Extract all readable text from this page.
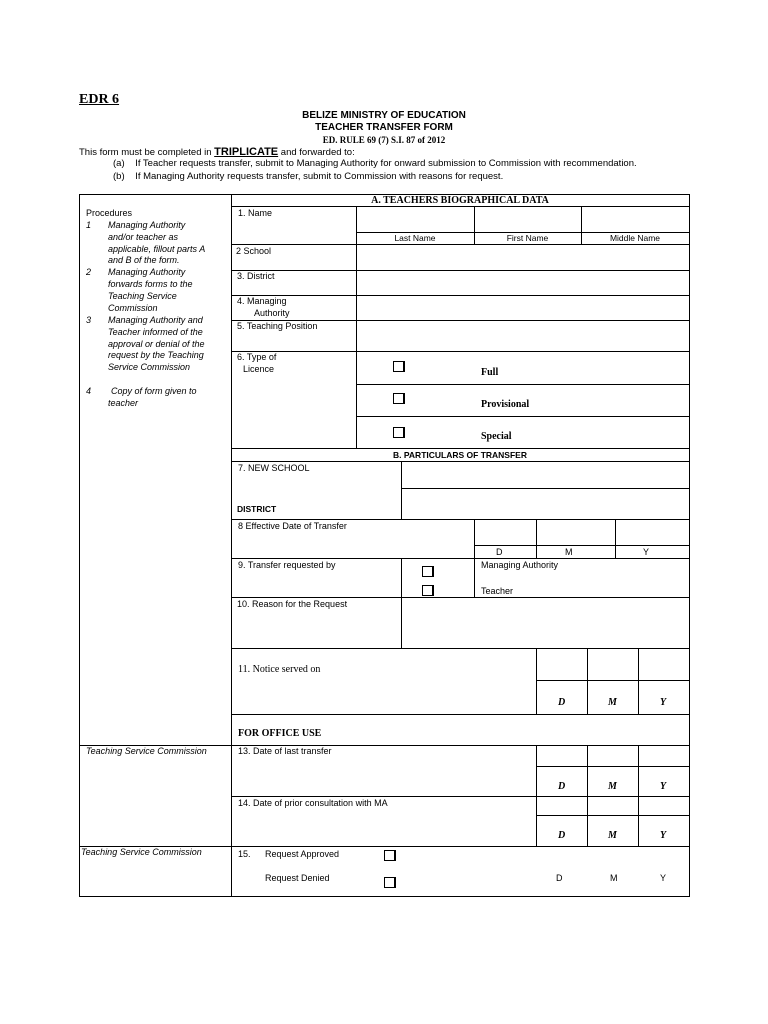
EDR 6
BELIZE MINISTRY OF EDUCATION
TEACHER TRANSFER FORM
ED. RULE 69 (7) S.I. 87 of 2012
This form must be completed in TRIPLICATE and forwarded to:
(a) If Teacher requests transfer, submit to Managing Authority for onward submission to Commission with recommendation.
(b) If Managing Authority requests transfer, submit to Commission with reasons for request.
Procedures
1 Managing Authority
and/or teacher as
applicable, fillout parts A
and B of the form.
2 Managing Authority
forwards forms to the
Teaching Service
Commission
3 Managing Authority and
Teacher informed of the
approval or denial of the
request by the Teaching
Service Commission
4 Copy of form given to
teacher
Teaching Service Commission
Teaching Service Commission
A. TEACHERS BIOGRAPHICAL DATA
1. Name
Last Name	First Name	Middle Name
2 School
3. District
4. Managing
Authority
5. Teaching Position
6. Type of
Licence	Full
Provisional
Special
B. PARTICULARS OF TRANSFER
7. NEW SCHOOL
DISTRICT
8 Effective Date of Transfer
D	M	Y
9. Transfer requested by	Managing Authority
Teacher
10. Reason for the Request
11. Notice served on
D	M	Y
FOR OFFICE USE
13. Date of last transfer
D	M	Y
14. Date of prior consultation with MA
D	M	Y
15. Request Approved
Request Denied	D	M	Y
